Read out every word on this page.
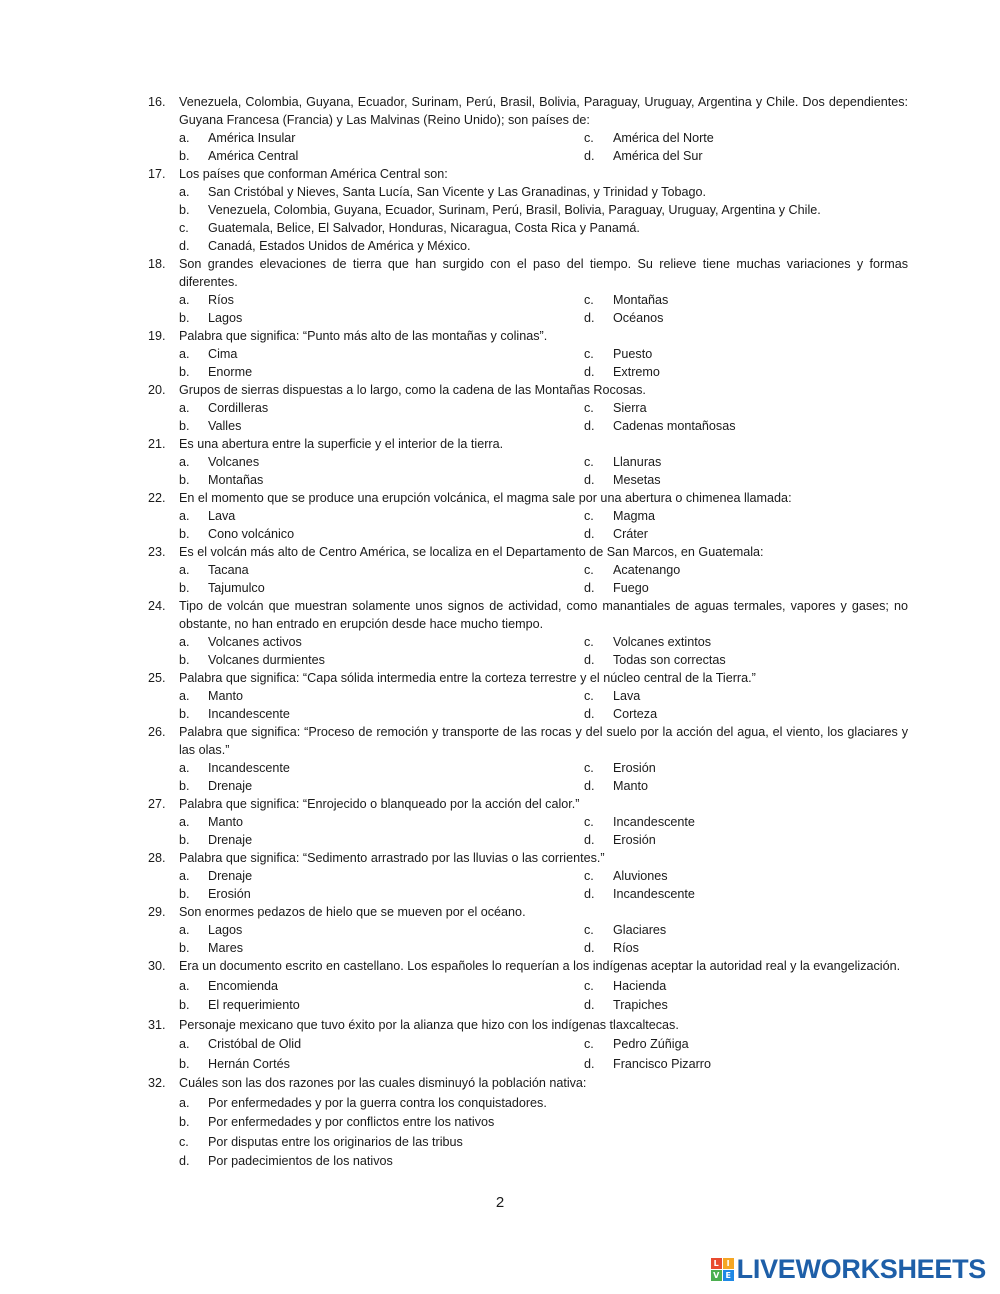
16.	Venezuela, Colombia, Guyana, Ecuador, Surinam, Perú, Brasil, Bolivia, Paraguay, Uruguay, Argentina y Chile. Dos dependientes: Guyana Francesa (Francia) y Las Malvinas (Reino Unido); son países de:
a.	América Insular	c.	América del Norte
b.	América Central	d.	América del Sur
17.	Los países que conforman América Central son:
a.	San Cristóbal y Nieves, Santa Lucía, San Vicente y Las Granadinas, y Trinidad y Tobago.
b.	Venezuela, Colombia, Guyana, Ecuador, Surinam, Perú, Brasil, Bolivia, Paraguay, Uruguay, Argentina y Chile.
c.	Guatemala, Belice, El Salvador, Honduras, Nicaragua, Costa Rica y Panamá.
d.	Canadá, Estados Unidos de América y México.
18.	Son grandes elevaciones de tierra que han surgido con el paso del tiempo. Su relieve tiene muchas variaciones y formas diferentes.
a.	Ríos	c.	Montañas
b.	Lagos	d.	Océanos
19.	Palabra que significa: “Punto más alto de las montañas y colinas”.
a.	Cima	c.	Puesto
b.	Enorme	d.	Extremo
20.	Grupos de sierras dispuestas a lo largo, como la cadena de las Montañas Rocosas.
a.	Cordilleras	c.	Sierra
b.	Valles	d.	Cadenas montañosas
21.	Es una abertura entre la superficie y el interior de la tierra.
a.	Volcanes	c.	Llanuras
b.	Montañas	d.	Mesetas
22.	En el momento que se produce una erupción volcánica, el magma sale por una abertura o chimenea llamada:
a.	Lava	c.	Magma
b.	Cono volcánico	d.	Cráter
23.	Es el volcán más alto de Centro América, se localiza en el Departamento de San Marcos, en Guatemala:
a.	Tacana	c.	Acatenango
b.	Tajumulco	d.	Fuego
24.	Tipo de volcán que muestran solamente unos signos de actividad, como manantiales de aguas termales, vapores y gases; no obstante, no han entrado en erupción desde hace mucho tiempo.
a.	Volcanes activos	c.	Volcanes extintos
b.	Volcanes durmientes	d.	Todas son correctas
25.	Palabra que significa: “Capa sólida intermedia entre la corteza terrestre y el núcleo central de la Tierra.”
a.	Manto	c.	Lava
b.	Incandescente	d.	Corteza
26.	Palabra que significa: “Proceso de remoción y transporte de las rocas y del suelo por la acción del agua, el viento, los glaciares y las olas.”
a.	Incandescente	c.	Erosión
b.	Drenaje	d.	Manto
27.	Palabra que significa: “Enrojecido o blanqueado por la acción del calor.”
a.	Manto	c.	Incandescente
b.	Drenaje	d.	Erosión
28.	Palabra que significa: “Sedimento arrastrado por las lluvias o las corrientes.”
a.	Drenaje	c.	Aluviones
b.	Erosión	d.	Incandescente
29.	Son enormes pedazos de hielo que se mueven por el océano.
a.	Lagos	c.	Glaciares
b.	Mares	d.	Ríos
30.	Era un documento escrito en castellano. Los españoles lo requerían a los indígenas aceptar la autoridad real y la evangelización.
a.	Encomienda	c.	Hacienda
b.	El requerimiento	d.	Trapiches
31.	Personaje mexicano que tuvo éxito por la alianza que hizo con los indígenas tlaxcaltecas.
a.	Cristóbal de Olid	c.	Pedro Zúñiga
b.	Hernán Cortés	d.	Francisco Pizarro
32.	Cuáles son las dos razones por las cuales disminuyó la población nativa:
a.	Por enfermedades y por la guerra contra los conquistadores.
b.	Por enfermedades y por conflictos entre los nativos
c.	Por disputas entre los originarios de las tribus
d.	Por padecimientos de los nativos
2
L I
V E LIVEWORKSHEETS
